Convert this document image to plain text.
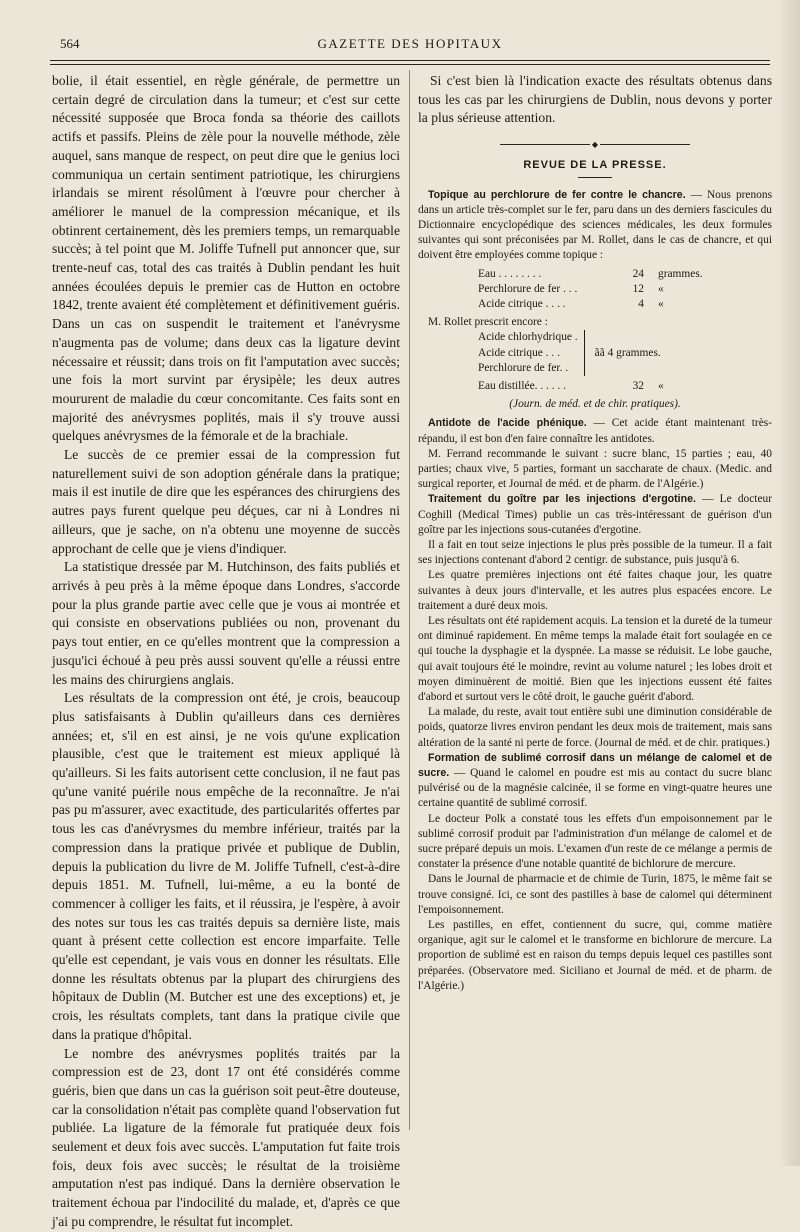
564	GAZETTE DES HOPITAUX

bolie, il était essentiel, en règle générale, de permettre un certain degré de circulation dans la tumeur; et c'est sur cette nécessité supposée que Broca fonda sa théorie des caillots actifs et passifs. Pleins de zèle pour la nouvelle méthode, zèle auquel, sans manque de respect, on peut dire que le genius loci communiqua un certain sentiment patriotique, les chirurgiens irlandais se mirent résolûment à l'œuvre pour chercher à améliorer le manuel de la compression mécanique, et ils obtinrent certainement, dès les premiers temps, un remarquable succès; à tel point que M. Joliffe Tufnell put annoncer que, sur trente-neuf cas, total des cas traités à Dublin pendant les huit années écoulées depuis le premier cas de Hutton en octobre 1842, trente avaient été complètement et définitivement guéris. Dans un cas on suspendit le traitement et l'anévrysme n'augmenta pas de volume; dans deux cas la ligature devint nécessaire et réussit; dans trois on fit l'amputation avec succès; une fois la mort survint par érysipèle; les deux autres moururent de maladie du cœur concomitante. Ces faits sont en majorité des anévrysmes poplités, mais il s'y trouve aussi quelques anévrysmes de la fémorale et de la brachiale.

Le succès de ce premier essai de la compression fut naturellement suivi de son adoption générale dans la pratique; mais il est inutile de dire que les espérances des chirurgiens des autres pays furent quelque peu déçues, car ni à Londres ni ailleurs, que je sache, on n'a obtenu une moyenne de succès approchant de celle que je viens d'indiquer.

La statistique dressée par M. Hutchinson, des faits publiés et arrivés à peu près à la même époque dans Londres, s'accorde pour la plus grande partie avec celle que je vous ai montrée et qui consiste en observations publiées ou non, provenant du pays tout entier, en ce qu'elles montrent que la compression a jusqu'ici échoué à peu près aussi souvent qu'elle a réussi entre les mains des chirurgiens anglais.

Les résultats de la compression ont été, je crois, beaucoup plus satisfaisants à Dublin qu'ailleurs dans ces dernières années; et, s'il en est ainsi, je ne vois qu'une explication plausible, c'est que le traitement est mieux appliqué là qu'ailleurs. Si les faits autorisent cette conclusion, il ne faut pas qu'une vanité puérile nous empêche de la reconnaître. Je n'ai pas pu m'assurer, avec exactitude, des particularités offertes par tous les cas d'anévrysmes du membre inférieur, traités par la compression dans la pratique privée et publique de Dublin, depuis la publication du livre de M. Joliffe Tufnell, c'est-à-dire depuis 1851. M. Tufnell, lui-même, a eu la bonté de commencer à colliger les faits, et il réussira, je l'espère, à avoir des notes sur tous les cas traités depuis sa dernière liste, mais quant à présent cette collection est encore imparfaite. Telle qu'elle est cependant, je vais vous en donner les résultats. Elle donne les résultats obtenus par la plupart des chirurgiens des hôpitaux de Dublin (M. Butcher est une des exceptions) et, je crois, les résultats complets, tant dans la pratique civile que dans la pratique d'hôpital.

Le nombre des anévrysmes poplités traités par la compression est de 23, dont 17 ont été considérés comme guéris, bien que dans un cas la guérison soit peut-être douteuse, car la consolidation n'était pas complète quand l'observation fut publiée. La ligature de la fémorale fut pratiquée deux fois seulement et deux fois avec succès. L'amputation fut faite trois fois, deux fois avec succès; le résultat de la troisième amputation n'est pas indiqué. Dans la dernière observation le traitement échoua par l'indocilité du malade, et, d'après ce que j'ai pu comprendre, le résultat fut incomplet.

Si c'est bien là l'indication exacte des résultats obtenus dans tous les cas par les chirurgiens de Dublin, nous devons y porter la plus sérieuse attention.

◆
REVUE DE LA PRESSE.

Topique au perchlorure de fer contre le chancre. — Nous prenons dans un article très-complet sur le fer, paru dans un des derniers fascicules du Dictionnaire encyclopédique des sciences médicales, les deux formules suivantes qui sont préconisées par M. Rollet, dans le cas de chancre, et qui doivent être employées comme topique :

Eau . . . . . . . .	24	grammes.
Perchlorure de fer . . .	12	«
Acide citrique . . . .	4	«
M. Rollet prescrit encore :
Acide chlorhydrique .
Acide citrique . . .
Perchlorure de fer. .
ãã 4 grammes.
Eau distillée. . . . . .	32	«
(Journ. de méd. et de chir. pratiques).

Antidote de l'acide phénique. — Cet acide étant maintenant très-répandu, il est bon d'en faire connaître les antidotes.

M. Ferrand recommande le suivant : sucre blanc, 15 parties ; eau, 40 parties; chaux vive, 5 parties, formant un saccharate de chaux. (Medic. and surgical reporter, et Journal de méd. et de pharm. de l'Algérie.)

Traitement du goître par les injections d'ergotine. — Le docteur Coghill (Medical Times) publie un cas très-intéressant de guérison d'un goître par les injections sous-cutanées d'ergotine.

Il a fait en tout seize injections le plus près possible de la tumeur. Il a fait ses injections contenant d'abord 2 centigr. de substance, puis jusqu'à 6.

Les quatre premières injections ont été faites chaque jour, les quatre suivantes à deux jours d'intervalle, et les autres plus espacées encore. Le traitement a duré deux mois.

Les résultats ont été rapidement acquis. La tension et la dureté de la tumeur ont diminué rapidement. En même temps la malade était fort soulagée en ce qui touche la dysphagie et la dyspnée. La masse se réduisit. Le lobe gauche, qui avait toujours été le moindre, revint au volume naturel ; les lobes droit et moyen diminuèrent de moitié. Bien que les injections eussent été faites d'abord et surtout vers le côté droit, le gauche guérit d'abord.

La malade, du reste, avait tout entière subi une diminution considérable de poids, quatorze livres environ pendant les deux mois de traitement, mais sans altération de la santé ni perte de force. (Journal de méd. et de chir. pratiques.)

Formation de sublimé corrosif dans un mélange de calomel et de sucre. — Quand le calomel en poudre est mis au contact du sucre blanc pulvérisé ou de la magnésie calcinée, il se forme en vingt-quatre heures une certaine quantité de sublimé corrosif.

Le docteur Polk a constaté tous les effets d'un empoisonnement par le sublimé corrosif produit par l'administration d'un mélange de calomel et de sucre préparé depuis un mois. L'examen d'un reste de ce mélange a permis de constater la présence d'une notable quantité de bichlorure de mercure.

Dans le Journal de pharmacie et de chimie de Turin, 1875, le même fait se trouve consigné. Ici, ce sont des pastilles à base de calomel qui déterminent l'empoisonnement.

Les pastilles, en effet, contiennent du sucre, qui, comme matière organique, agit sur le calomel et le transforme en bichlorure de mercure. La proportion de sublimé est en raison du temps depuis lequel ces pastilles sont préparées. (Observatore med. Siciliano et Journal de méd. et de pharm. de l'Algérie.)
